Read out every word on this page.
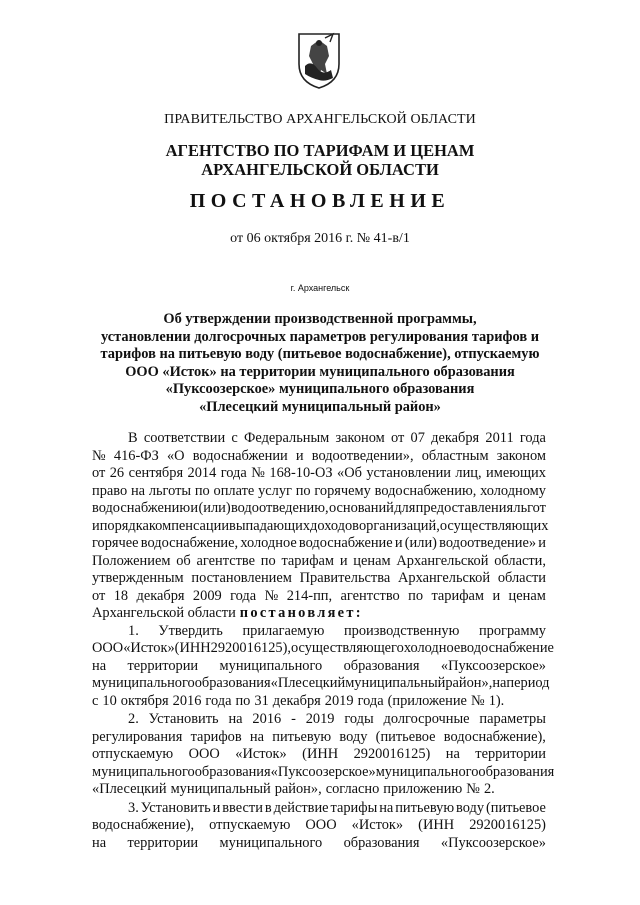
ПРАВИТЕЛЬСТВО АРХАНГЕЛЬСКОЙ ОБЛАСТИ
АГЕНТСТВО ПО ТАРИФАМ И ЦЕНАМ
АРХАНГЕЛЬСКОЙ ОБЛАСТИ
ПОСТАНОВЛЕНИЕ
от 06 октября 2016 г. № 41-в/1
г. Архангельск
Об утверждении производственной программы,
установлении долгосрочных параметров регулирования тарифов и
тарифов на питьевую воду (питьевое водоснабжение), отпускаемую
ООО «Исток» на территории муниципального образования
«Пуксоозерское» муниципального образования
«Плесецкий муниципальный район»
В соответствии с Федеральным законом от 07 декабря 2011 года
№ 416-ФЗ «О водоснабжении и водоотведении», областным законом
от 26 сентября 2014 года № 168-10-ОЗ «Об установлении лиц, имеющих
право на льготы по оплате услуг по горячему водоснабжению, холодному
водоснабжению и (или) водоотведению, оснований для предоставления льгот
и порядка компенсации выпадающих доходов организаций, осуществляющих
горячее водоснабжение, холодное водоснабжение и (или) водоотведение» и
Положением об агентстве по тарифам и ценам Архангельской области,
утвержденным постановлением Правительства Архангельской области
от 18 декабря 2009 года № 214-пп, агентство по тарифам и ценам
Архангельской области постановляет:
1. Утвердить прилагаемую производственную программу
ООО «Исток» (ИНН 2920016125), осуществляющего холодное водоснабжение
на территории муниципального образования «Пуксоозерское»
муниципального образования «Плесецкий муниципальный район», на период
с 10 октября 2016 года по 31 декабря 2019 года (приложение № 1).
2. Установить на 2016 - 2019 годы долгосрочные параметры
регулирования тарифов на питьевую воду (питьевое водоснабжение),
отпускаемую ООО «Исток» (ИНН 2920016125) на территории
муниципального образования «Пуксоозерское» муниципального образования
«Плесецкий муниципальный район», согласно приложению № 2.
3. Установить и ввести в действие тарифы на питьевую воду (питьевое
водоснабжение), отпускаемую ООО «Исток» (ИНН 2920016125)
на территории муниципального образования «Пуксоозерское»
